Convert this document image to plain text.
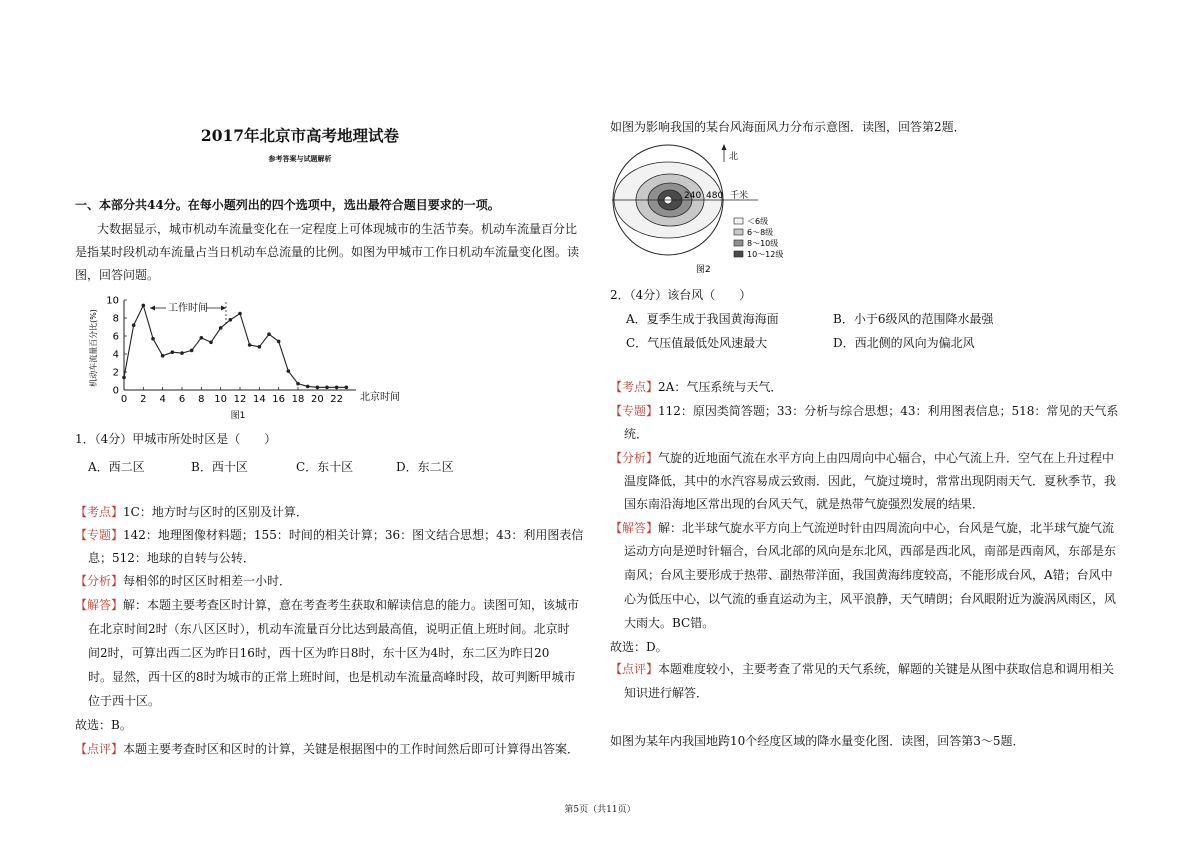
2017年北京市高考地理试卷
参考答案与试题解析
一、本部分共44分。在每小题列出的四个选项中，选出最符合题目要求的一项。
大数据显示，城市机动车流量变化在一定程度上可体现城市的生活节奏。机动车流量百分比
是指某时段机动车流量占当日机动车总流量的比例。如图为甲城市工作日机动车流量变化图。读
图，回答问题。
0
2
4
6
8
10
0 2 4 6 8 10 12 14 16 18 20 22
工作时间
机动车流量百分比(%)
北京时间
图1
1．（4分）甲城市所处时区是（　　）
A．西二区	B．西十区	C．东十区	D．东二区
【考点】1C：地方时与区时的区别及计算．
【专题】142：地理图像材料题；155：时间的相关计算；36：图文结合思想；43：利用图表信
息；512：地球的自转与公转．
【分析】每相邻的时区区时相差一小时．
【解答】解：本题主要考查区时计算，意在考查考生获取和解读信息的能力。读图可知，该城市
在北京时间2时（东八区区时），机动车流量百分比达到最高值，说明正值上班时间。北京时
间2时，可算出西二区为昨日16时，西十区为昨日8时，东十区为4时，东二区为昨日20
时。显然，西十区的8时为城市的正常上班时间，也是机动车流量高峰时段，故可判断甲城市
位于西十区。
故选：B。
【点评】本题主要考查时区和区时的计算，关键是根据图中的工作时间然后即可计算得出答案．
如图为影响我国的某台风海面风力分布示意图．读图，回答第2题．
240 480 千米
北
＜6级
6～8级
8～10级
10～12级
图2
2．（4分）该台风（　　）
A．夏季生成于我国黄海海面	B．小于6级风的范围降水最强
C．气压值最低处风速最大	D．西北侧的风向为偏北风
【考点】2A：气压系统与天气．
【专题】112：原因类简答题；33：分析与综合思想；43：利用图表信息；518：常见的天气系
统．
【分析】气旋的近地面气流在水平方向上由四周向中心辐合，中心气流上升．空气在上升过程中
温度降低，其中的水汽容易成云致雨．因此，气旋过境时，常常出现阴雨天气．夏秋季节，我
国东南沿海地区常出现的台风天气，就是热带气旋强烈发展的结果．
【解答】解：北半球气旋水平方向上气流逆时针由四周流向中心，台风是气旋，北半球气旋气流
运动方向是逆时针辐合，台风北部的风向是东北风，西部是西北风，南部是西南风，东部是东
南风；台风主要形成于热带、副热带洋面，我国黄海纬度较高，不能形成台风，A错；台风中
心为低压中心，以气流的垂直运动为主，风平浪静，天气晴朗；台风眼附近为漩涡风雨区，风
大雨大。BC错。
故选：D。
【点评】本题难度较小，主要考查了常见的天气系统，解题的关键是从图中获取信息和调用相关
知识进行解答．
如图为某年内我国地跨10个经度区域的降水量变化图．读图，回答第3～5题．
第5页（共11页）
